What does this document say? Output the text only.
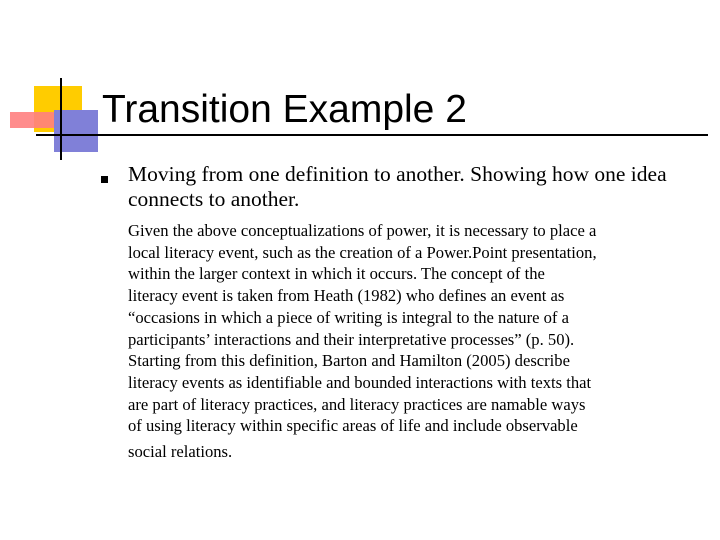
Transition Example 2

Moving from one definition to another. Showing how one idea connects to another.

Given the above conceptualizations of power, it is necessary to place a
local literacy event, such as the creation of a Power.Point presentation,
within the larger context in which it occurs. The concept of the
literacy event is taken from Heath (1982) who defines an event as
“occasions in which a piece of writing is integral to the nature of a
participants’ interactions and their interpretative processes” (p. 50).
Starting from this definition, Barton and Hamilton (2005) describe
literacy events as identifiable and bounded interactions with texts that
are part of literacy practices, and literacy practices are namable ways
of using literacy within specific areas of life and include observable
social relations.
